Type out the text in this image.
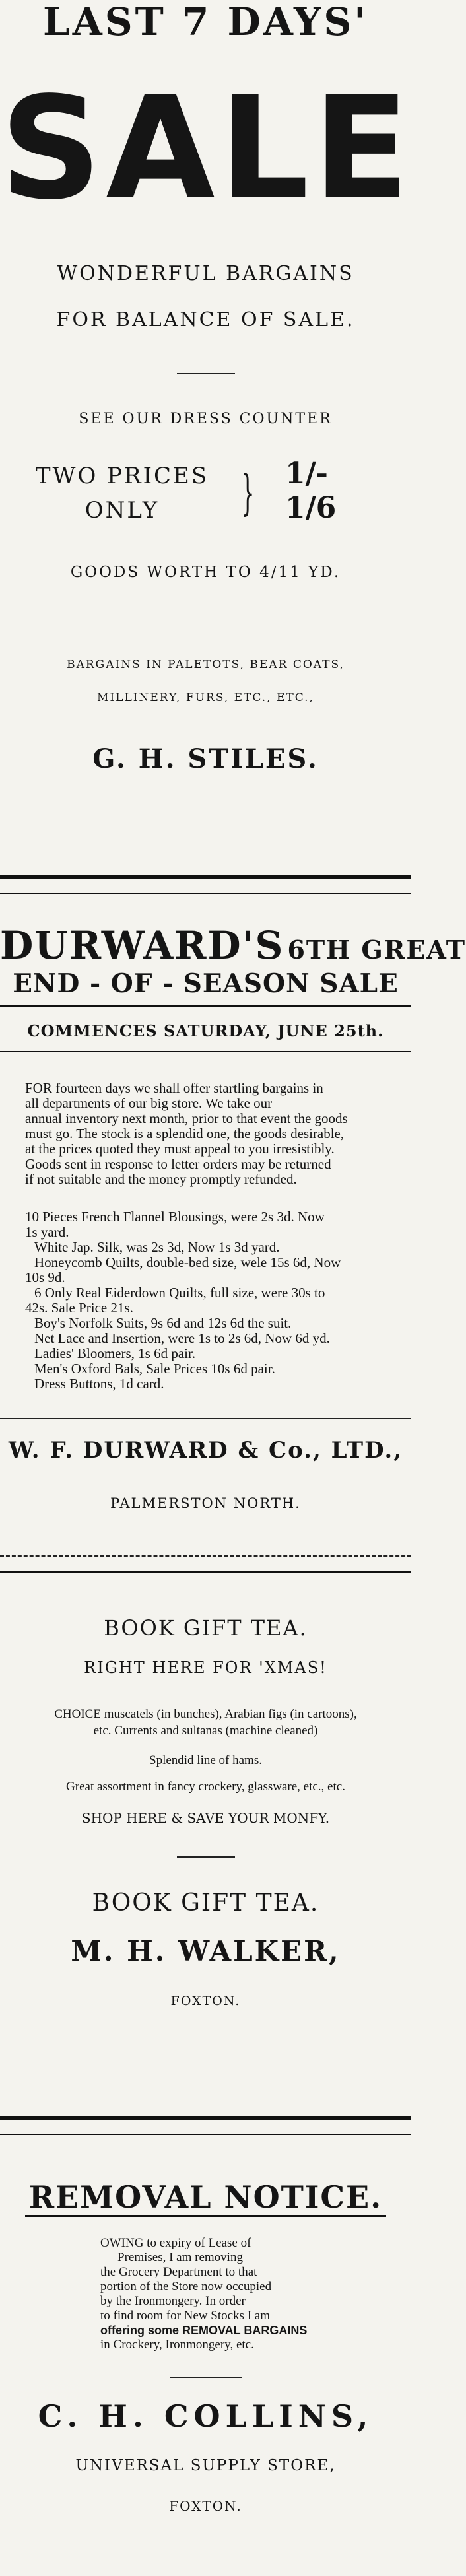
LAST 7 DAYS'
SALE
WONDERFUL BARGAINS
FOR BALANCE OF SALE.
SEE OUR DRESS COUNTER
TWO PRICES
ONLY	} 1/-
1/6
GOODS WORTH TO 4/11 YD.
BARGAINS IN PALETOTS, BEAR COATS,
MILLINERY, FURS, ETC., ETC.,
G. H. STILES.
DURWARD'S 6TH GREAT
END - OF - SEASON SALE
COMMENCES SATURDAY, JUNE 25th.
FOR fourteen days we shall offer startling bargains in
all departments of our big store. We take our
annual inventory next month, prior to that event the goods
must go. The stock is a splendid one, the goods desirable,
at the prices quoted they must appeal to you irresistibly.
Goods sent in response to letter orders may be returned
if not suitable and the money promptly refunded.
10 Pieces French Flannel Blousings, were 2s 3d. Now
1s yard.
White Jap. Silk, was 2s 3d, Now 1s 3d yard.
Honeycomb Quilts, double-bed size, wele 15s 6d, Now
10s 9d.
6 Only Real Eiderdown Quilts, full size, were 30s to
42s. Sale Price 21s.
Boy's Norfolk Suits, 9s 6d and 12s 6d the suit.
Net Lace and Insertion, were 1s to 2s 6d, Now 6d yd.
Ladies' Bloomers, 1s 6d pair.
Men's Oxford Bals, Sale Prices 10s 6d pair.
Dress Buttons, 1d card.
W. F. DURWARD & Co., LTD.,
PALMERSTON NORTH.
BOOK GIFT TEA.
RIGHT HERE FOR 'XMAS!
CHOICE muscatels (in bunches), Arabian figs (in cartoons),
etc. Currents and sultanas (machine cleaned)
Splendid line of hams.
Great assortment in fancy crockery, glassware, etc., etc.
SHOP HERE & SAVE YOUR MONFY.
BOOK GIFT TEA.
M. H. WALKER,
FOXTON.
REMOVAL NOTICE.
OWING to expiry of Lease of
Premises, I am removing
the Grocery Department to that
portion of the Store now occupied
by the Ironmongery. In order
to find room for New Stocks I am
offering some REMOVAL BARGAINS
in Crockery, Ironmongery, etc.
C. H. COLLINS,
UNIVERSAL SUPPLY STORE,
FOXTON.
